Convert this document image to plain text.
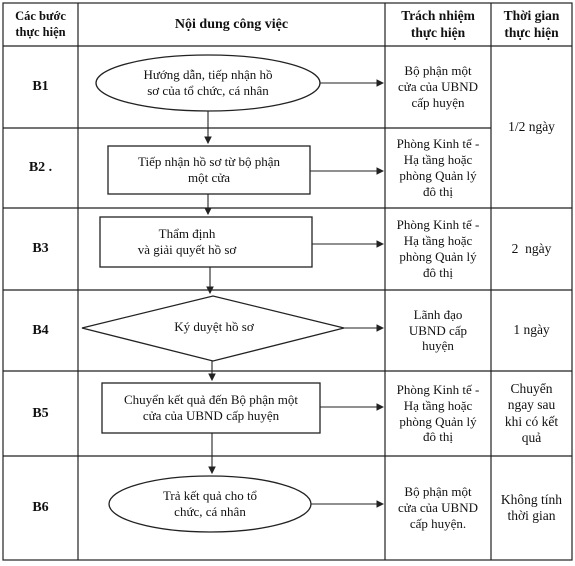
Các bước
thực hiện	Nội dung công việc
Trách nhiệm
thực hiện
Thời gian
thực hiện
B1
B2 .
B3
B4
B5
B6
Hướng dẫn, tiếp nhận hồ
sơ của tổ chức, cá nhân
Tiếp nhận hồ sơ từ bộ phận
một cửa
Thẩm định
và giải quyết hồ sơ
Ký duyệt hồ sơ
Chuyển kết quả đến Bộ phận một
cửa của UBND cấp huyện
Trả kết quả cho tổ
chức, cá nhân
Bộ phận một
cửa của UBND
cấp huyện
Phòng Kinh tế -
Hạ tầng hoặc
phòng Quản lý
đô thị
Phòng Kinh tế -
Hạ tầng hoặc
phòng Quản lý
đô thị
Lãnh đạo
UBND cấp
huyện
Phòng Kinh tế -
Hạ tầng hoặc
phòng Quản lý
đô thị
Bộ phận một
cửa của UBND
cấp huyện.
1/2 ngày
2  ngày
1 ngày
Chuyển
ngay sau
khi có kết
quả
Không tính
thời gian
